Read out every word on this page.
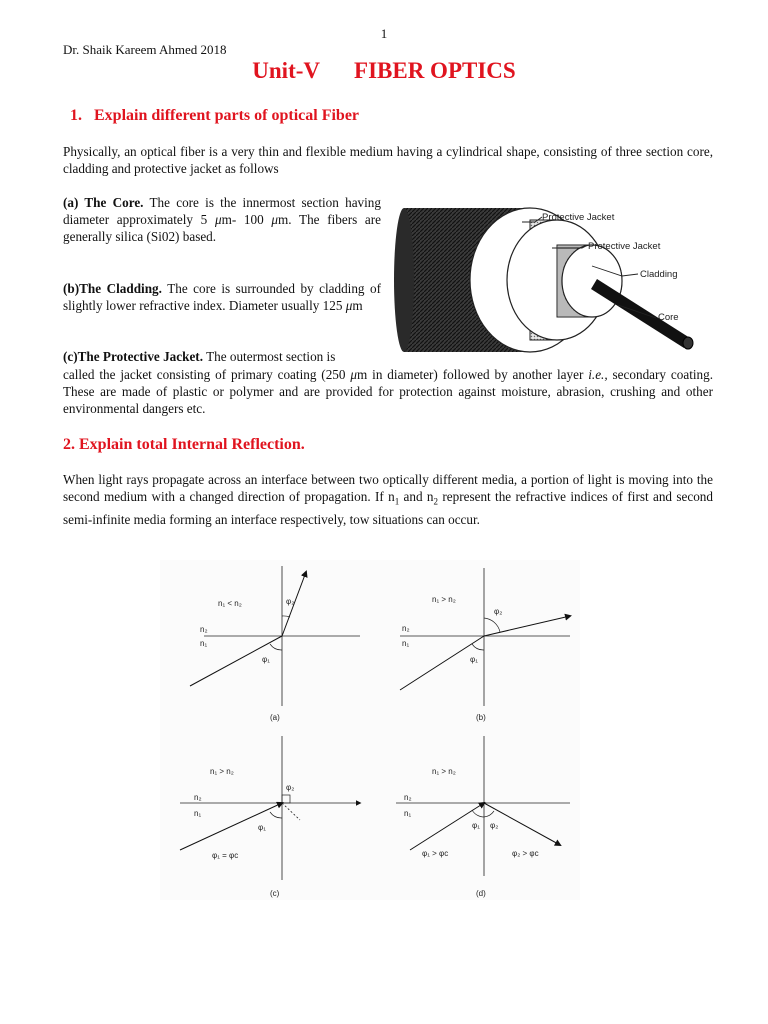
1
Dr. Shaik Kareem Ahmed 2018
Unit-V FIBER OPTICS
1. Explain different parts of optical Fiber
Physically, an optical fiber is a very thin and flexible medium having a cylindrical shape, consisting of three section core, cladding and protective jacket as follows
(a) The Core. The core is the innermost section having diameter approximately 5 μm- 100 μm. The fibers are generally silica (Si02) based.
(b)The Cladding. The core is surrounded by cladding of slightly lower refractive index. Diameter usually 125 μm
(c)The Protective Jacket. The outermost section is
called the jacket consisting of primary coating (250 μm in diameter) followed by another layer i.e., secondary coating. These are made of plastic or polymer and are provided for protection against moisture, abrasion, crushing and other environmental dangers etc.
Protective Jacket
Protective Jacket
Cladding
Core
2. Explain total Internal Reflection.
When light rays propagate across an interface between two optically different media, a portion of light is moving into the second medium with a changed direction of propagation. If $n_1$ and $n_2$ represent the refractive indices of first and second semi-infinite media forming an interface respectively, tow situations can occur.
n₁ < n₂
n₂
n₁
φ₂
φ₁
(a)
n₁ > n₂
n₂
n₁
φ₂
φ₁
(b)
n₁ > n₂
n₂
n₁
φ₂
φ₁
φ₁ = φc
(c)
n₁ > n₂
n₂
n₁
φ₁ φ₂
φ₁ > φc	φ₂ > φc
(d)
